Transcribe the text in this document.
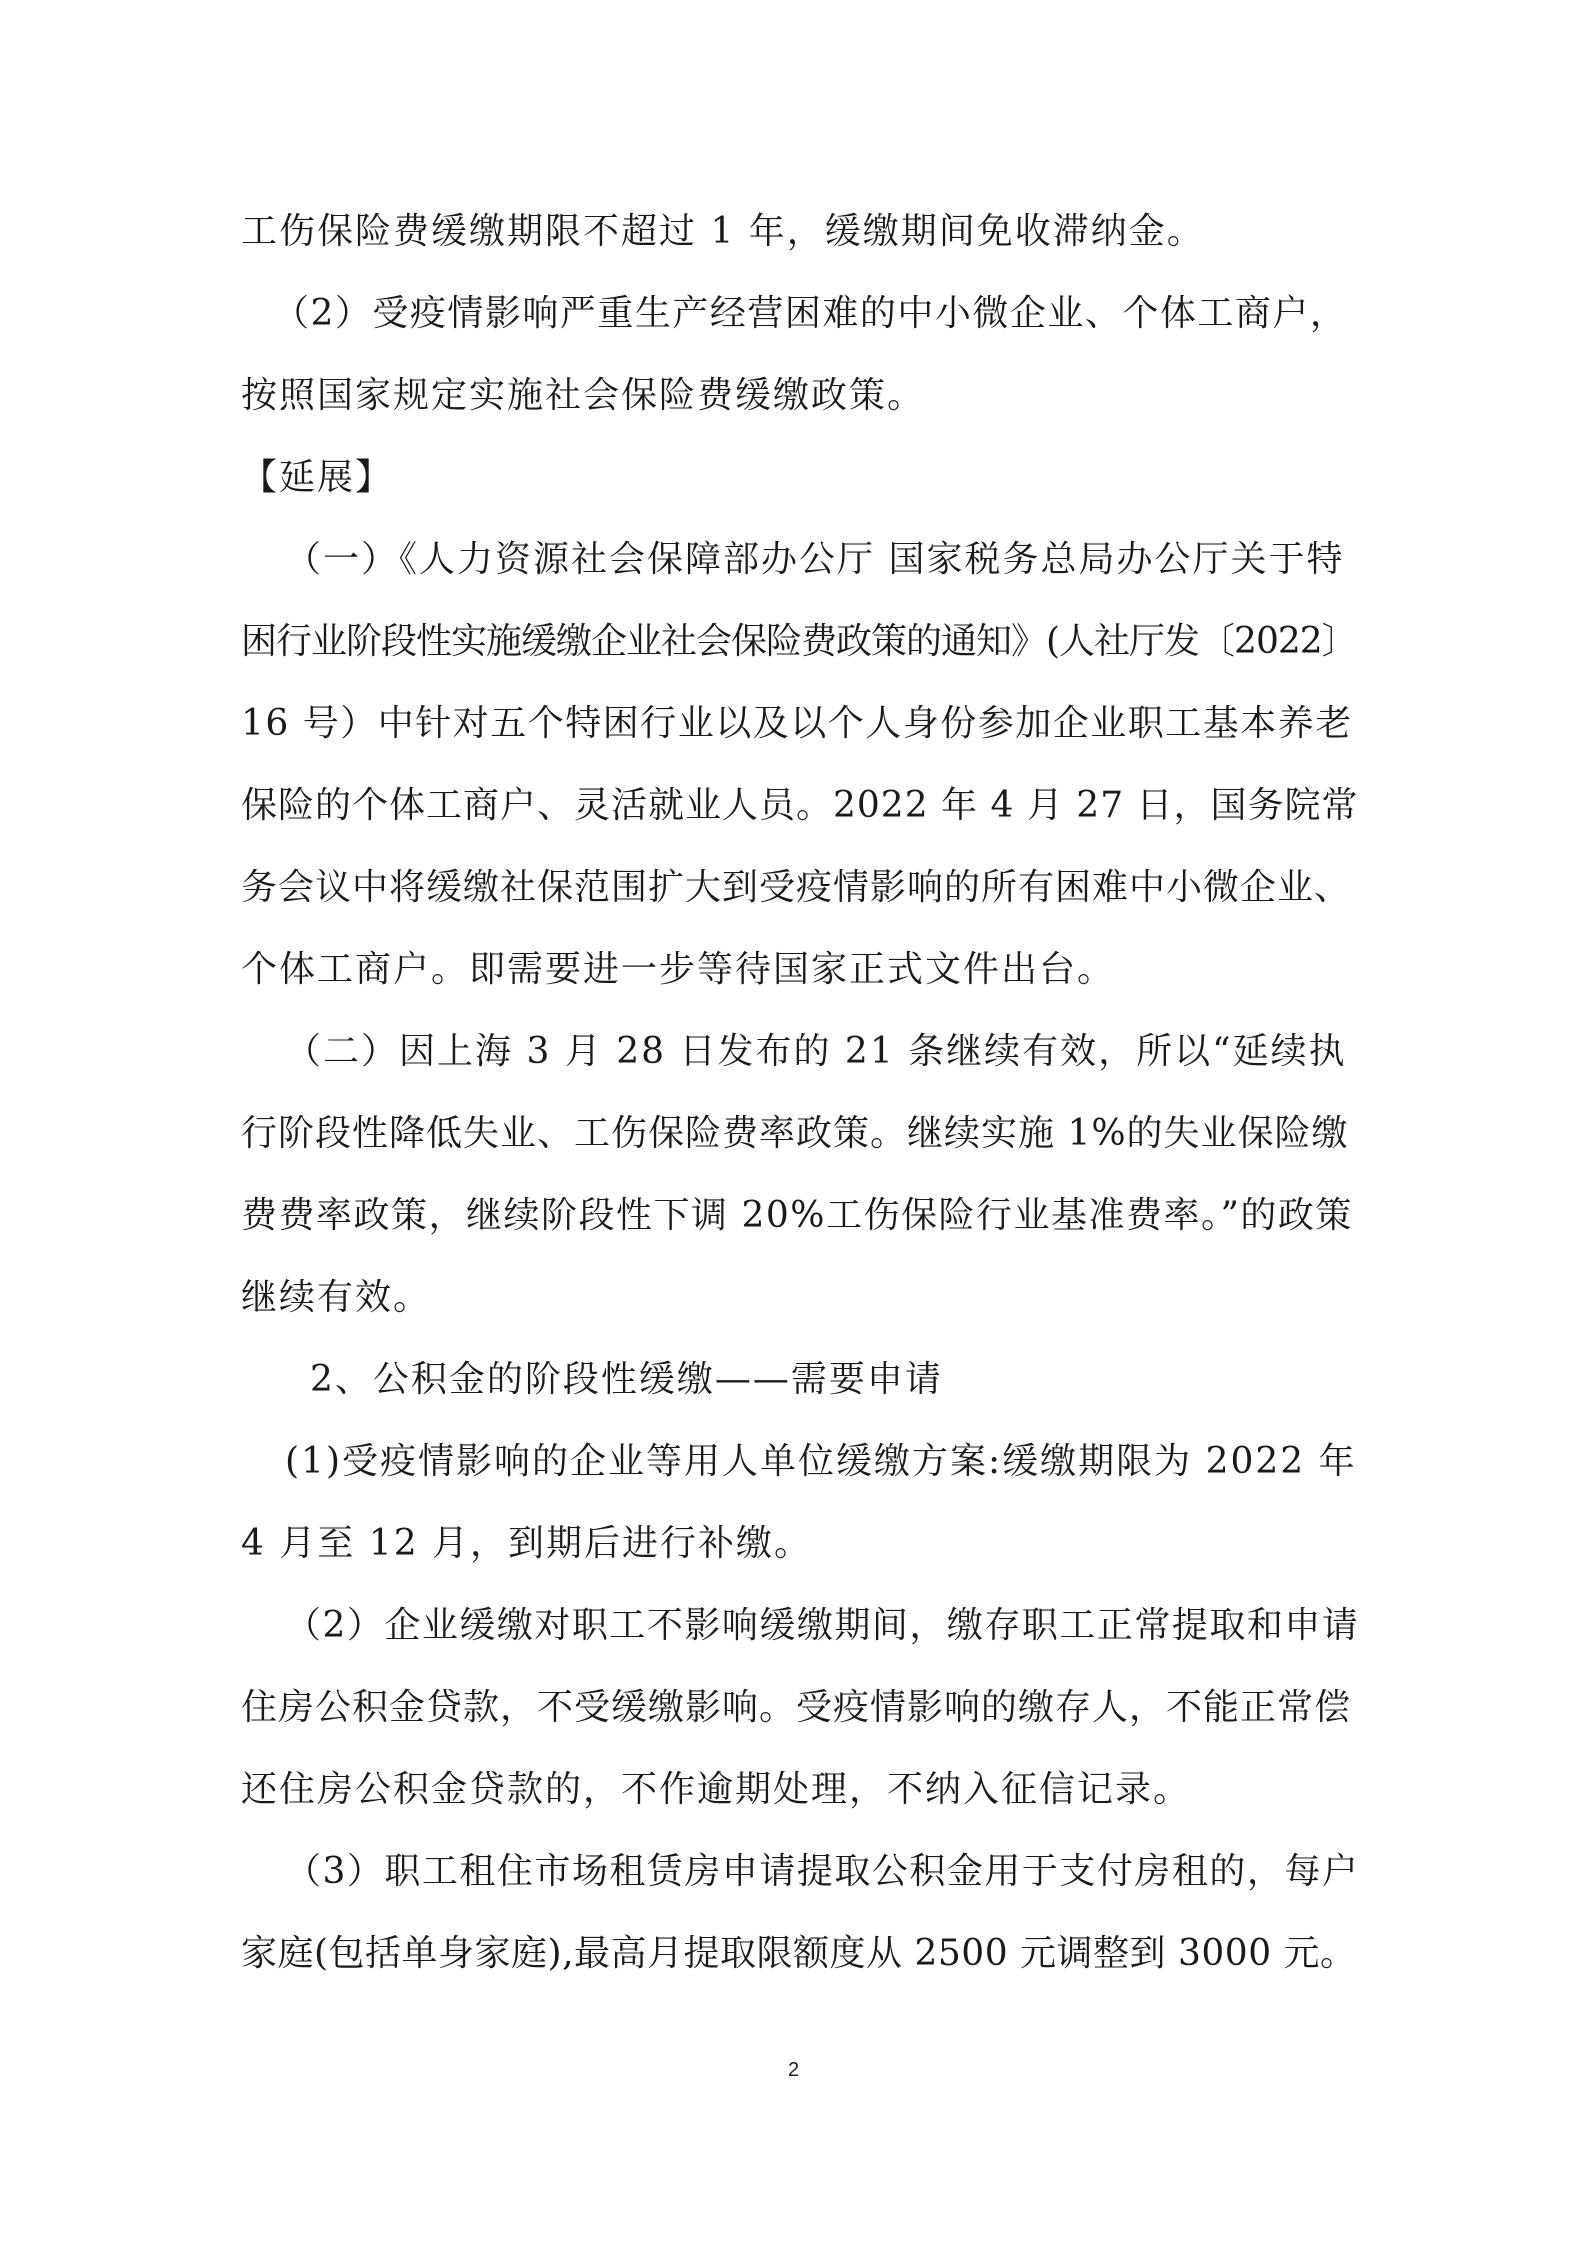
工伤保险费缓缴期限不超过 1 年，缓缴期间免收滞纳金。
（2）受疫情影响严重生产经营困难的中小微企业、个体工商户，
按照国家规定实施社会保险费缓缴政策。
【延展】
（一）《人力资源社会保障部办公厅 国家税务总局办公厅关于特
困行业阶段性实施缓缴企业社会保险费政策的通知》(人社厅发〔2022〕
16 号）中针对五个特困行业以及以个人身份参加企业职工基本养老
保险的个体工商户、灵活就业人员。2022 年 4 月 27 日，国务院常
务会议中将缓缴社保范围扩大到受疫情影响的所有困难中小微企业、
个体工商户。即需要进一步等待国家正式文件出台。
（二）因上海 3 月 28 日发布的 21 条继续有效，所以“延续执
行阶段性降低失业、工伤保险费率政策。继续实施 1%的失业保险缴
费费率政策，继续阶段性下调 20%工伤保险行业基准费率。”的政策
继续有效。
2、公积金的阶段性缓缴——需要申请
(1)受疫情影响的企业等用人单位缓缴方案:缓缴期限为 2022 年
4 月至 12 月，到期后进行补缴。
（2）企业缓缴对职工不影响缓缴期间，缴存职工正常提取和申请
住房公积金贷款，不受缓缴影响。受疫情影响的缴存人，不能正常偿
还住房公积金贷款的，不作逾期处理，不纳入征信记录。
（3）职工租住市场租赁房申请提取公积金用于支付房租的，每户
家庭(包括单身家庭),最高月提取限额度从 2500 元调整到 3000 元。
2
